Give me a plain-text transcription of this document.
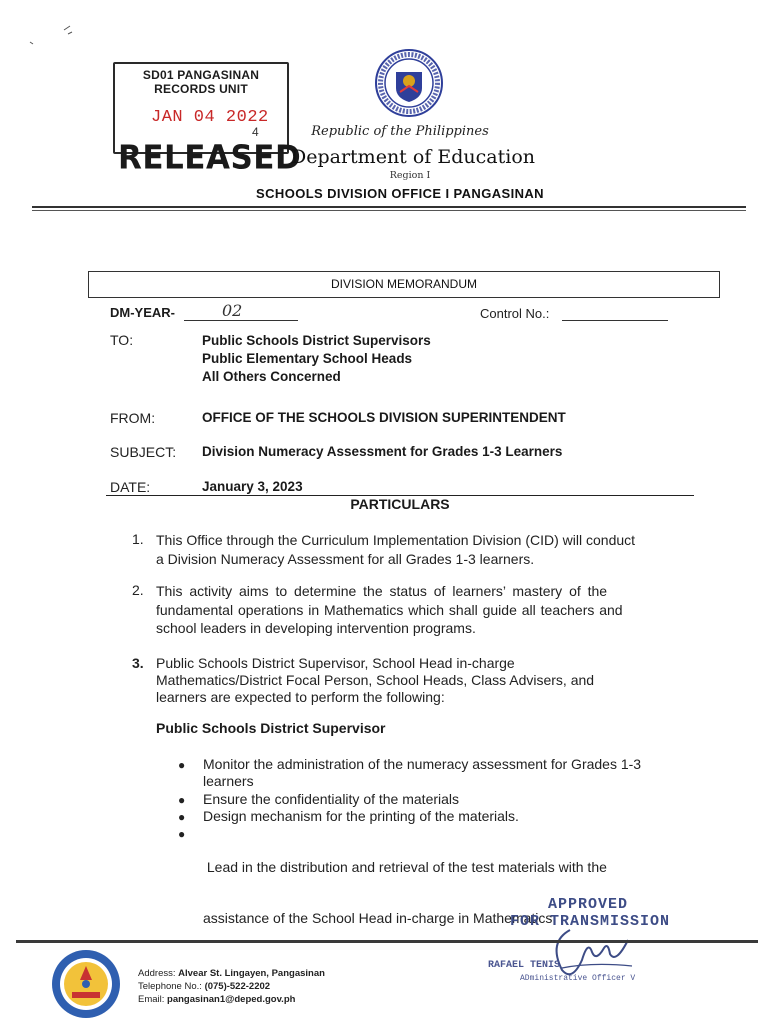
SD01 PANGASINAN
RECORDS UNIT
JAN 04 2022
4
RELEASED
Republic of the Philippines
Department of Education
Region I
SCHOOLS DIVISION OFFICE I PANGASINAN
DIVISION MEMORANDUM
DM-YEAR-	02	Control No.:
TO:	Public Schools District Supervisors
Public Elementary School Heads
All Others Concerned
FROM:	OFFICE OF THE SCHOOLS DIVISION SUPERINTENDENT
SUBJECT: Division Numeracy Assessment for Grades 1-3 Learners
DATE:	January 3, 2023
PARTICULARS
1. This Office through the Curriculum Implementation Division (CID) will conduct
a Division Numeracy Assessment for all Grades 1-3 learners.
2. This activity aims to determine the status of learners’ mastery of the
fundamental operations in Mathematics which shall guide all teachers and
school leaders in developing intervention programs.
3. Public Schools District Supervisor, School Head in-charge
Mathematics/District Focal Person, School Heads, Class Advisers, and
learners are expected to perform the following:
Public Schools District Supervisor
● Monitor the administration of the numeracy assessment for Grades 1-3
learners
● Ensure the confidentiality of the materials
● Design mechanism for the printing of the materials.
●

Lead in the distribution and retrieval of the test materials with the

assistance of the School Head in-charge in Mathematics

APPROVED
FOR TRANSMISSION
Address: Alvear St. Lingayen, Pangasinan
Telephone No.: (075)-522-2202
Email: pangasinan1@deped.gov.ph
RAFAEL TENIS
ADministrative Officer V
